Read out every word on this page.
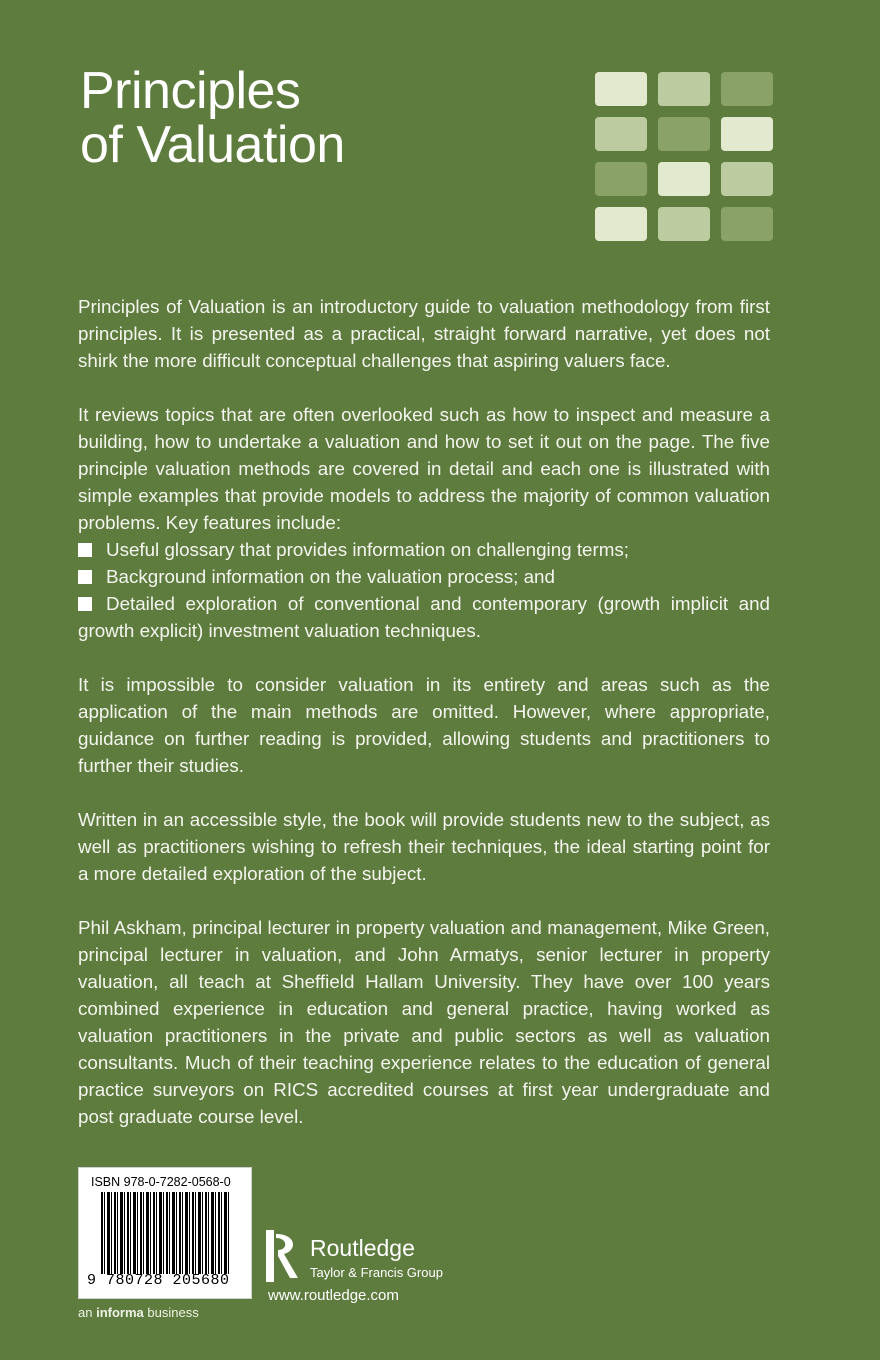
Principles
of Valuation

Principles of Valuation is an introductory guide to valuation methodology from first principles. It is presented as a practical, straight forward narrative, yet does not shirk the more difficult conceptual challenges that aspiring valuers face.

It reviews topics that are often overlooked such as how to inspect and measure a building, how to undertake a valuation and how to set it out on the page. The five principle valuation methods are covered in detail and each one is illustrated with simple examples that provide models to address the majority of common valuation problems. Key features include:

Useful glossary that provides information on challenging terms;
Background information on the valuation process; and
Detailed exploration of conventional and contemporary (growth implicit and growth explicit) investment valuation techniques.

It is impossible to consider valuation in its entirety and areas such as the application of the main methods are omitted. However, where appropriate, guidance on further reading is provided, allowing students and practitioners to further their studies.

Written in an accessible style, the book will provide students new to the subject, as well as practitioners wishing to refresh their techniques, the ideal starting point for a more detailed exploration of the subject.

Phil Askham, principal lecturer in property valuation and management, Mike Green, principal lecturer in valuation, and John Armatys, senior lecturer in property valuation, all teach at Sheffield Hallam University. They have over 100 years combined experience in education and general practice, having worked as valuation practitioners in the private and public sectors as well as valuation consultants. Much of their teaching experience relates to the education of general practice surveyors on RICS accredited courses at first year undergraduate and post graduate course level.

ISBN 978-0-7282-0568-0
9 780728 205680
an informa business
Routledge
Taylor & Francis Group
www.routledge.com
